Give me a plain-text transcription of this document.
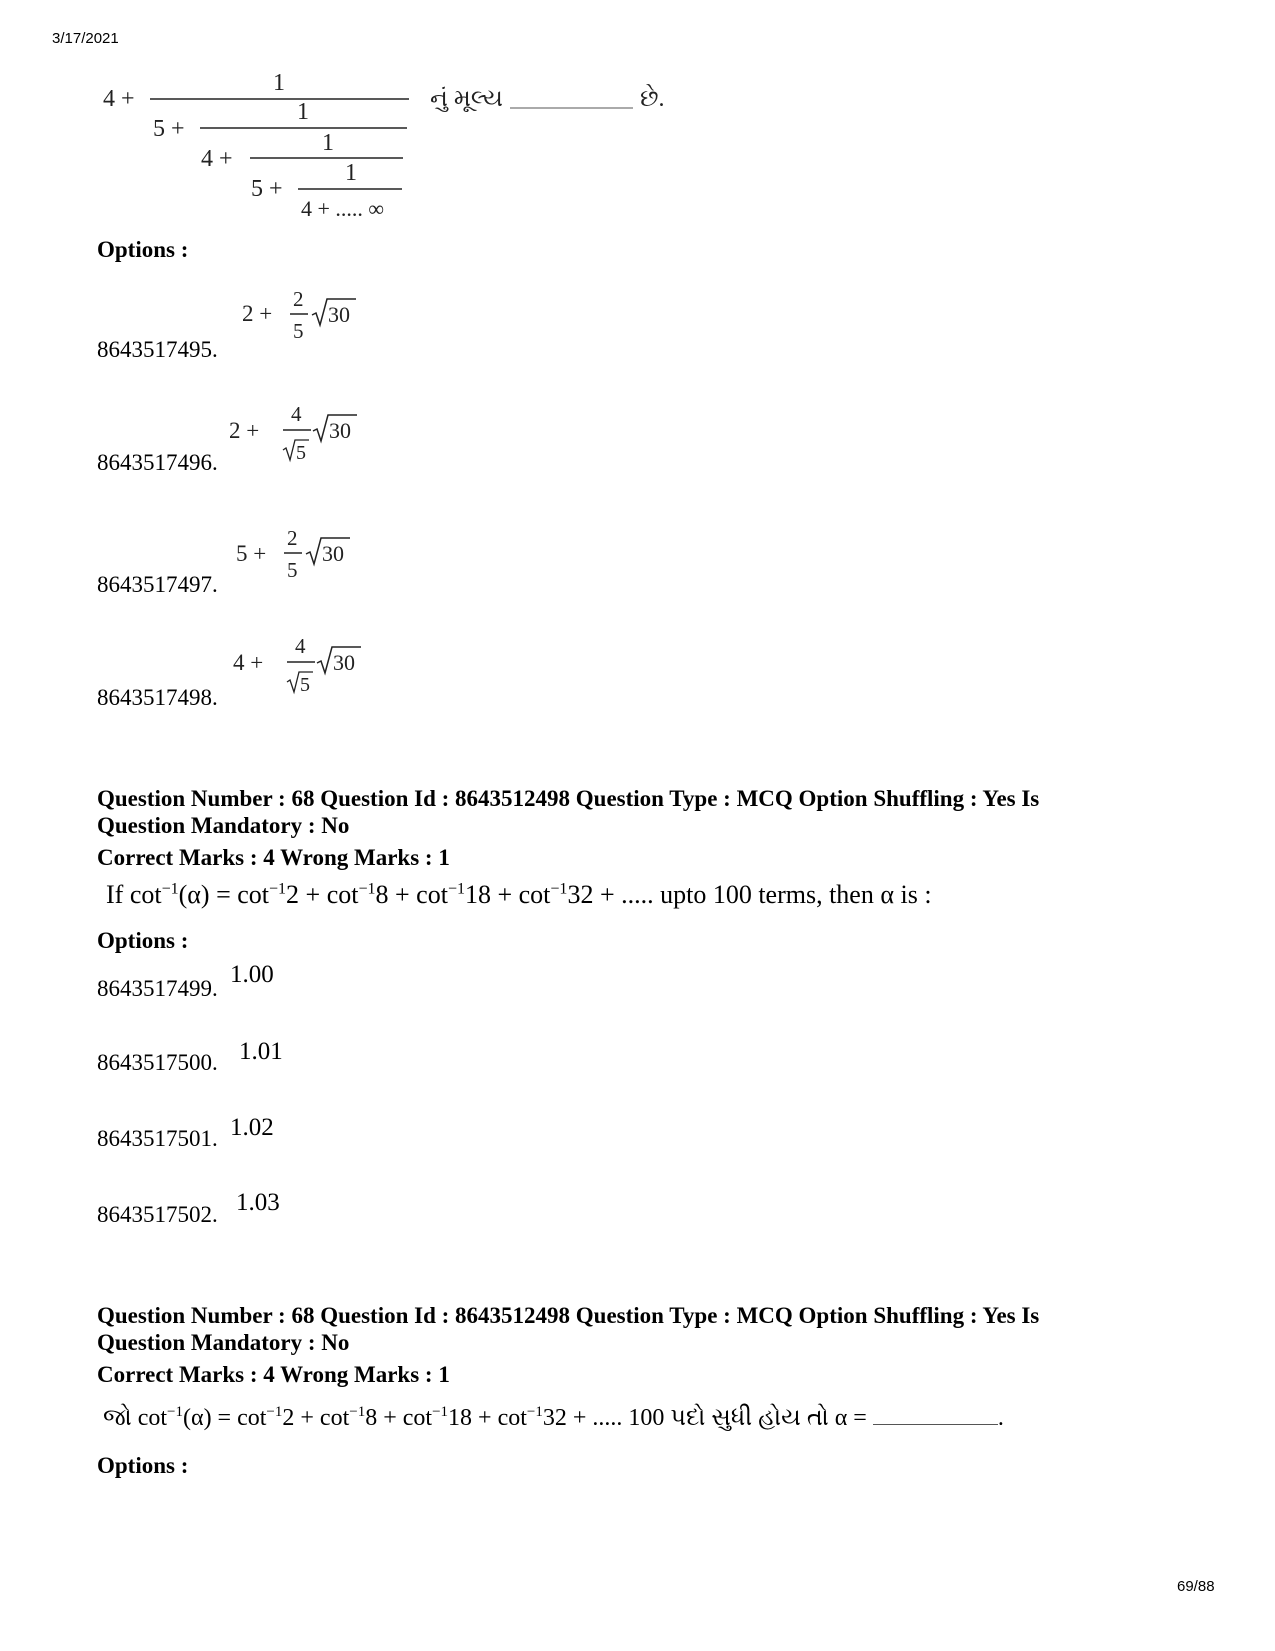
3/17/2021
69/88
4 +
1
5 +
1
4 +
1
5 +
1
4 + ..... ∞
નું મૂલ્ય	છે.
Options :
8643517495.
8643517496.
8643517497.
8643517498.
2 +
2
5
30
2 +
4
5
30
5 +
2
5
30
4 +
4
5
30
Question Number : 68 Question Id : 8643512498 Question Type : MCQ Option Shuffling : Yes Is
Question Mandatory : No
Correct Marks : 4 Wrong Marks : 1
If $\cot^{-1}(\alpha) = \cot^{-1}2 + \cot^{-1}8 + \cot^{-1}18 + \cot^{-1}32$ + ..... upto 100 terms, then α is :
Options :
8643517499.
1.00
8643517500. 1.01
8643517501. 1.02
8643517502. 1.03
Question Number : 68 Question Id : 8643512498 Question Type : MCQ Option Shuffling : Yes Is
Question Mandatory : No
Correct Marks : 4 Wrong Marks : 1
જો $\cot^{-1}(\alpha) = \cot^{-1}2 + \cot^{-1}8 + \cot^{-1}18 + \cot^{-1}32$ + ..... 100 પદો સુધી હોય તો α =	.
Options :
